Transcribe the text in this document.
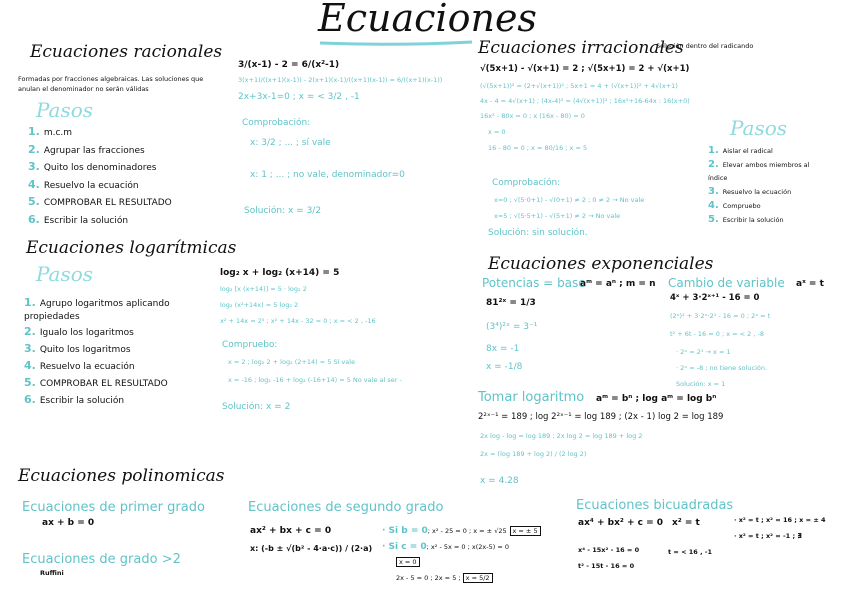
Ecuaciones
Ecuaciones racionales
Formadas por fracciones algebraicas. Las soluciones que anulan el denominador no serán válidas
Pasos
1. m.c.m
2. Agrupar las fracciones
3. Quito los denominadores
4. Resuelvo la ecuación
5. COMPROBAR EL RESULTADO
6. Escribir la solución
3/(x-1) - 2 = 6/(x²-1)
3(x+1)/((x+1)(x-1)) - 2(x+1)(x-1)/((x+1)(x-1)) = 6/((x+1)(x-1))
2x+3x-1=0 ; x = < 3/2 , -1
Comprobación:
x: 3/2 ; ... ; sí vale
x: 1 ; ... ; no vale, denominador=0
Solución: x = 3/2
Ecuaciones irracionales
Solución dentro del radicando
√(5x+1) - √(x+1) = 2 ; √(5x+1) = 2 + √(x+1)
(√(5x+1))² = (2+√(x+1))² ; 5x+1 = 4 + (√(x+1))² + 4√(x+1)
4x - 4 = 4√(x+1) ; (4x-4)² = (4√(x+1))² ; 16x²+16-64x : 16(x+0)
16x² - 80x = 0 ; x (16x - 80) = 0
x = 0
16 - 80 = 0 ; x = 80/16 ; x = 5
Comprobación:
x=0 ; √(5·0+1) - √(0+1) ≠ 2 ; 0 ≠ 2 → No vale
x=5 ; √(5·5+1) - √(5+1) ≠ 2 → No vale
Solución: sin solución.
Pasos
1. Aislar el radical
2. Elevar ambos miembros al índice
3. Resuelvo la ecuación
4. Compruebo
5. Escribir la solución
Ecuaciones logarítmicas
Pasos
1. Agrupo logaritmos aplicando propiedades
2. Igualo los logaritmos
3. Quito los logaritmos
4. Resuelvo la ecuación
5. COMPROBAR EL RESULTADO
6. Escribir la solución
log₂ x + log₂ (x+14) = 5
log₂ [x (x+14)] = 5 · log₂ 2
log₂ (x²+14x) = 5 log₂ 2
x² + 14x = 2⁵ ; x² + 14x - 32 = 0 ; x = < 2 , -16
Compruebo:
x = 2 ; log₂ 2 + log₂ (2+14) = 5 Sí vale
x = -16 ; log₂ -16 + log₂ (-16+14) = 5 No vale al ser -
Solución: x = 2
Ecuaciones exponenciales
Potencias = base
aᵐ = aⁿ ; m = n
81²ˣ = 1/3
(3⁴)²ˣ = 3⁻¹
8x = -1
x = -1/8
Cambio de variable aˣ = t
4ˣ + 3·2ˣ⁺¹ - 16 = 0
(2ˣ)² + 3·2ˣ·2¹ - 16 = 0 ; 2ˣ = t
t² + 6t - 16 = 0 ; x = < 2 , -8
· 2ˣ = 2¹ → x = 1
· 2ˣ = -8 ; no tiene solución.
Solución: x = 1
Tomar logaritmo aᵐ = bⁿ ; log aᵐ = log bⁿ
2²ˣ⁻¹ = 189 ; log 2²ˣ⁻¹ = log 189 ; (2x - 1) log 2 = log 189
2x log - log = log 189 ; 2x log 2 = log 189 + log 2
2x = (log 189 + log 2) / (2 log 2)
x = 4.28
Ecuaciones polinomicas
Ecuaciones de primer grado
ax + b = 0
Ecuaciones de grado >2
Ruffini
Ecuaciones de segundo grado
ax² + bx + c = 0
x: (-b ± √(b² - 4·a·c)) / (2·a)
· Si b = 0; x² - 25 = 0 ; x = ± √25 x = ± 5
· Si c = 0; x² - 5x = 0 ; x(2x-5) = 0
x = 0
2x - 5 = 0 ; 2x = 5 ; x = 5/2
Ecuaciones bicuadradas
ax⁴ + bx² + c = 0 x² = t
x⁴ - 15x² - 16 = 0
t² - 15t - 16 = 0
t = < 16 , -1
· x² = t ; x² = 16 ; x = ± 4
· x² = t ; x² = -1 ; ∄
